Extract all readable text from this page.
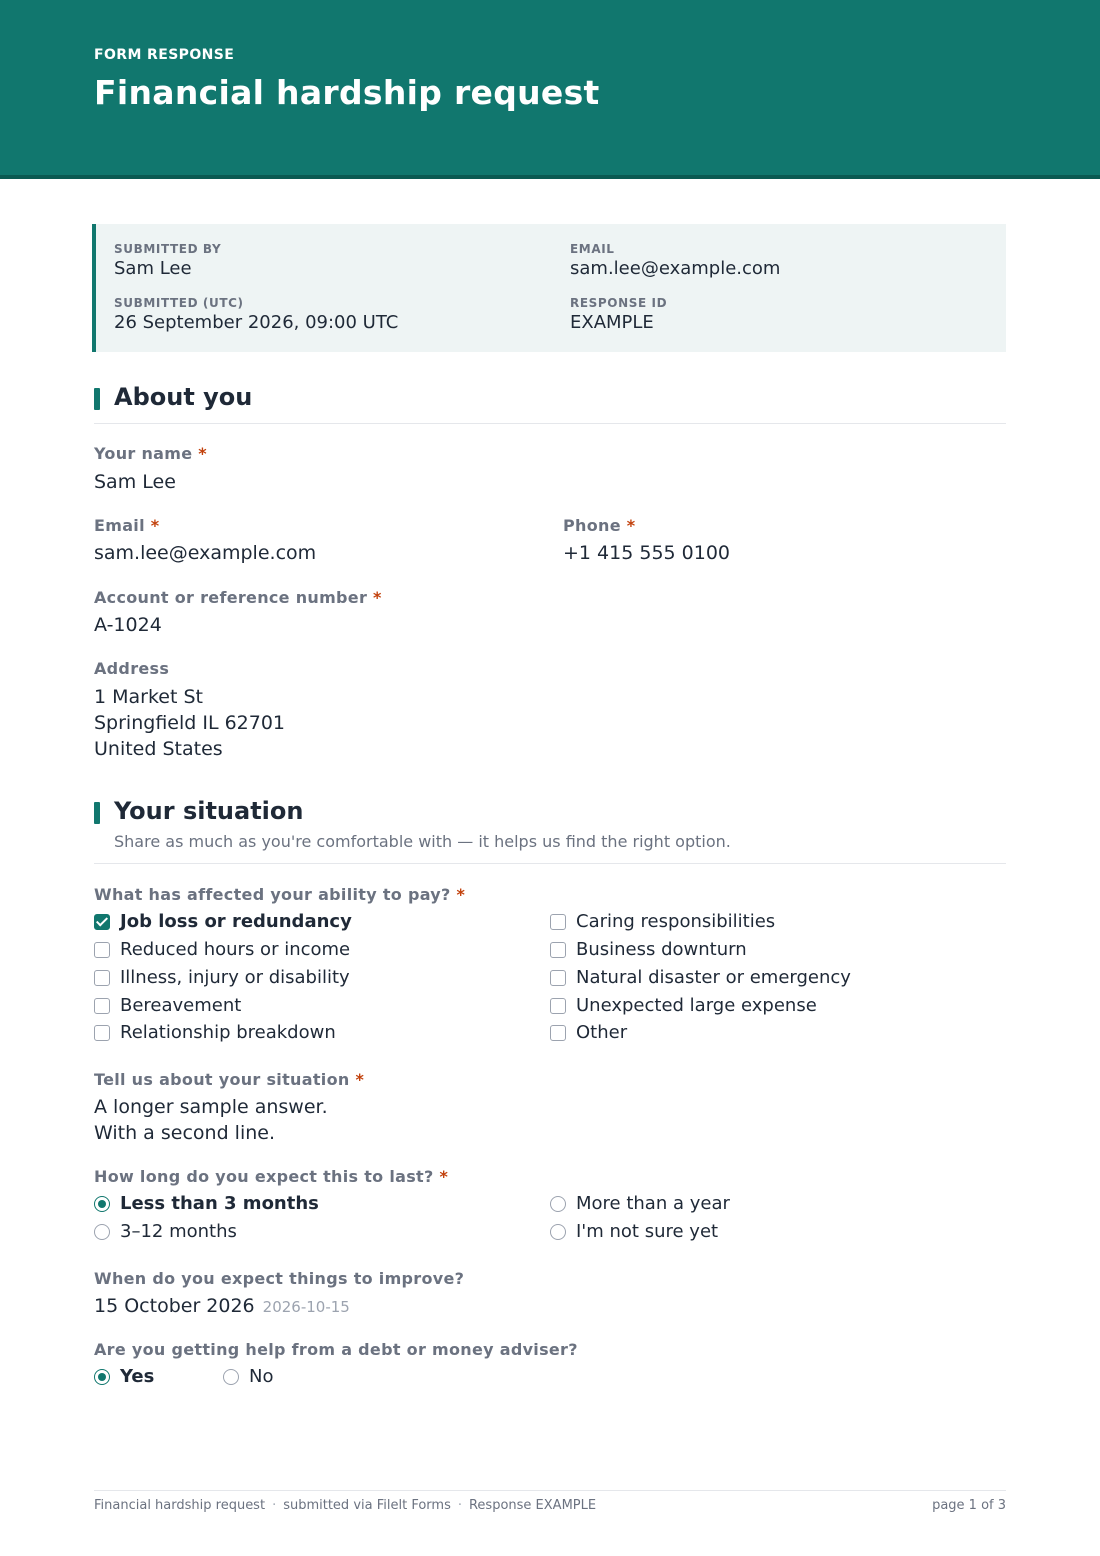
FORM RESPONSE
Financial hardship request
SUBMITTED BY
Sam Lee
EMAIL
sam.lee@example.com
SUBMITTED (UTC)
26 September 2026, 09:00 UTC
RESPONSE ID
EXAMPLE
About you
Your name *
Sam Lee
Email *
sam.lee@example.com
Phone *
+1 415 555 0100
Account or reference number *
A-1024
Address
1 Market St
Springfield IL 62701
United States
Your situation
Share as much as you're comfortable with — it helps us find the right option.
What has affected your ability to pay? *
Job loss or redundancy
Reduced hours or income
Illness, injury or disability
Bereavement
Relationship breakdown
Caring responsibilities
Business downturn
Natural disaster or emergency
Unexpected large expense
Other
Tell us about your situation *
A longer sample answer.
With a second line.
How long do you expect this to last? *
Less than 3 months
3–12 months
More than a year
I'm not sure yet
When do you expect things to improve?
15 October 2026 2026-10-15
Are you getting help from a debt or money adviser?
Yes	No
Financial hardship request · submitted via Filelt Forms · Response EXAMPLE	page 1 of 3
